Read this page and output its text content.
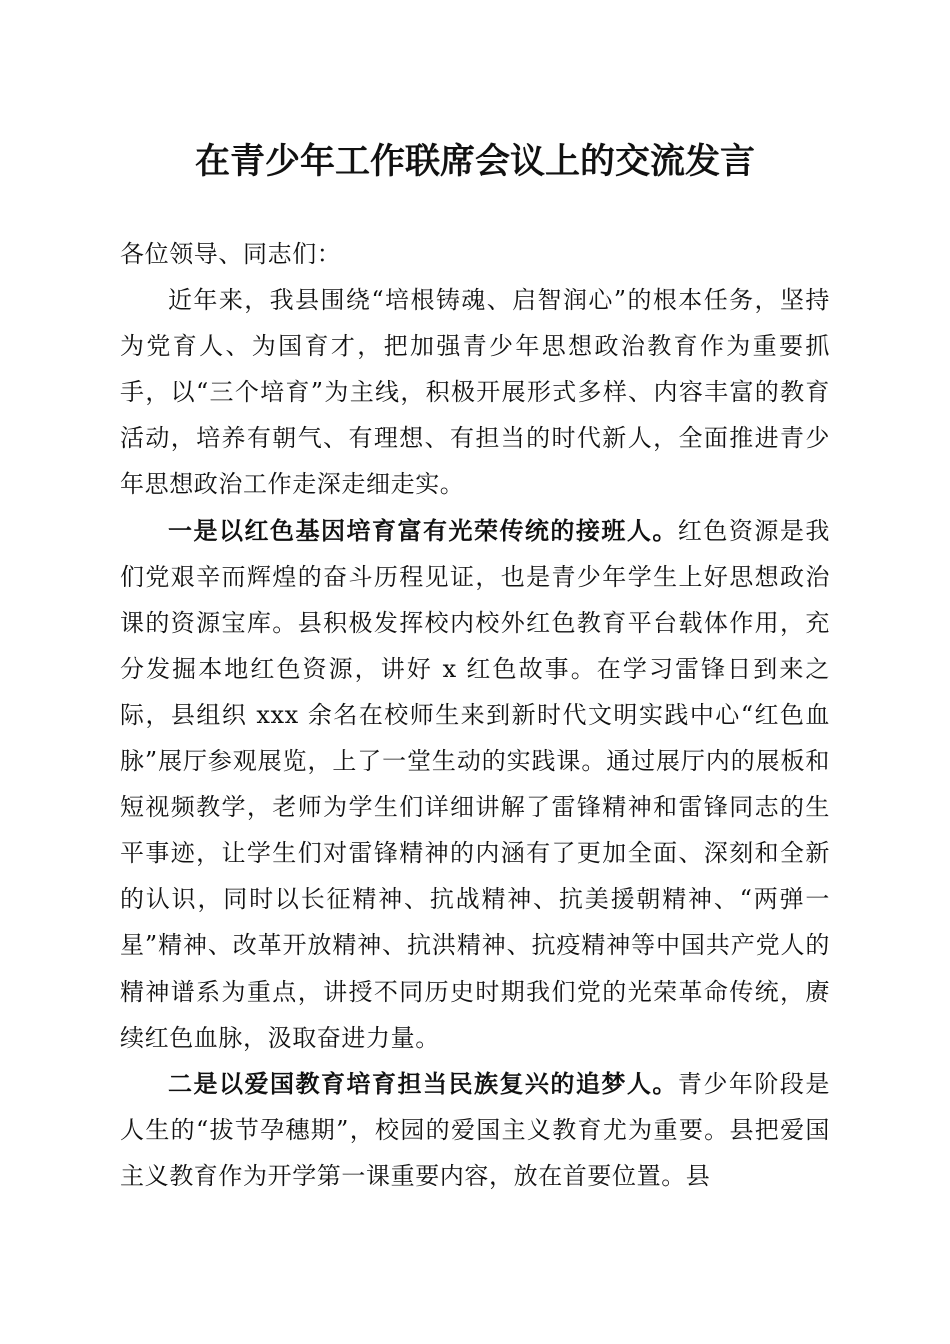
在青少年工作联席会议上的交流发言

各位领导、同志们：

近年来，我县围绕“培根铸魂、启智润心”的根本任务，坚持为党育人、为国育才，把加强青少年思想政治教育作为重要抓手，以“三个培育”为主线，积极开展形式多样、内容丰富的教育活动，培养有朝气、有理想、有担当的时代新人，全面推进青少年思想政治工作走深走细走实。

一是以红色基因培育富有光荣传统的接班人。红色资源是我们党艰辛而辉煌的奋斗历程见证，也是青少年学生上好思想政治课的资源宝库。县积极发挥校内校外红色教育平台载体作用，充分发掘本地红色资源，讲好 x 红色故事。在学习雷锋日到来之际，县组织 xxx 余名在校师生来到新时代文明实践中心“红色血脉”展厅参观展览，上了一堂生动的实践课。通过展厅内的展板和短视频教学，老师为学生们详细讲解了雷锋精神和雷锋同志的生平事迹，让学生们对雷锋精神的内涵有了更加全面、深刻和全新的认识，同时以长征精神、抗战精神、抗美援朝精神、“两弹一星”精神、改革开放精神、抗洪精神、抗疫精神等中国共产党人的精神谱系为重点，讲授不同历史时期我们党的光荣革命传统，赓续红色血脉，汲取奋进力量。

二是以爱国教育培育担当民族复兴的追梦人。青少年阶段是人生的“拔节孕穗期”，校园的爱国主义教育尤为重要。县把爱国主义教育作为开学第一课重要内容，放在首要位置。县
